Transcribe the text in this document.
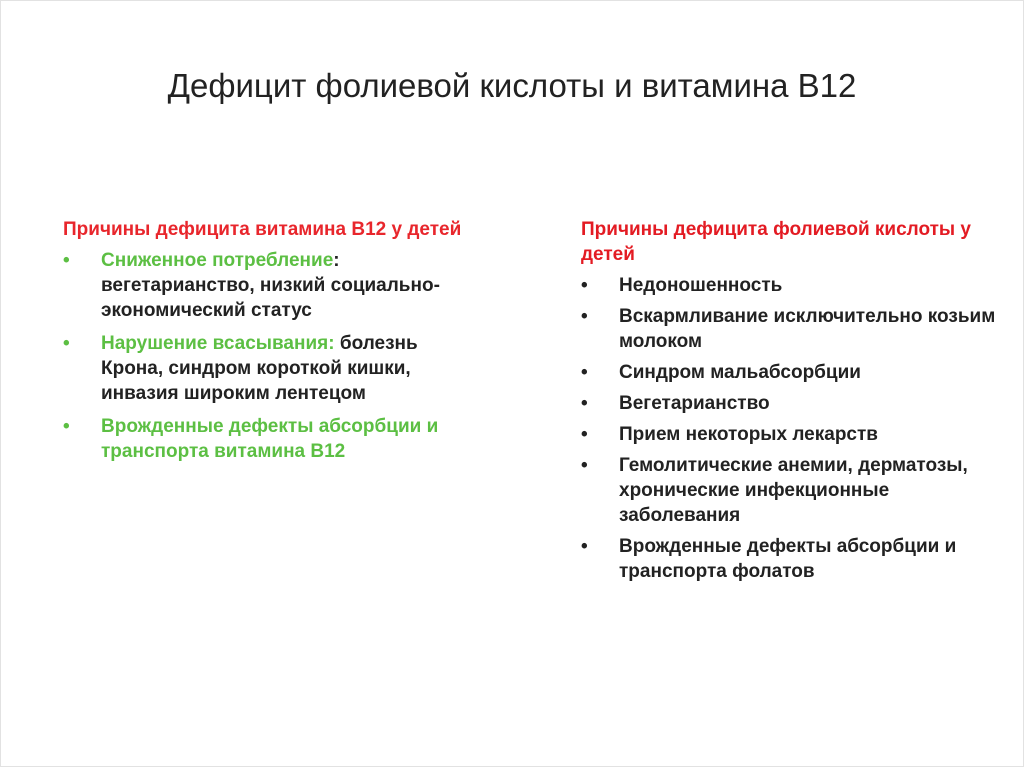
Дефицит фолиевой кислоты и витамина В12
Причины дефицита витамина В12 у детей
• Сниженное потребление: вегетарианство, низкий социально-экономический статус
• Нарушение всасывания: болезнь Крона, синдром короткой кишки, инвазия широким лентецом
• Врожденные дефекты абсорбции и транспорта витамина В12
Причины дефицита фолиевой кислоты у детей
• Недоношенность
• Вскармливание исключительно козьим молоком
• Синдром мальабсорбции
• Вегетарианство
• Прием некоторых лекарств
• Гемолитические анемии, дерматозы, хронические инфекционные заболевания
• Врожденные дефекты абсорбции и транспорта фолатов
